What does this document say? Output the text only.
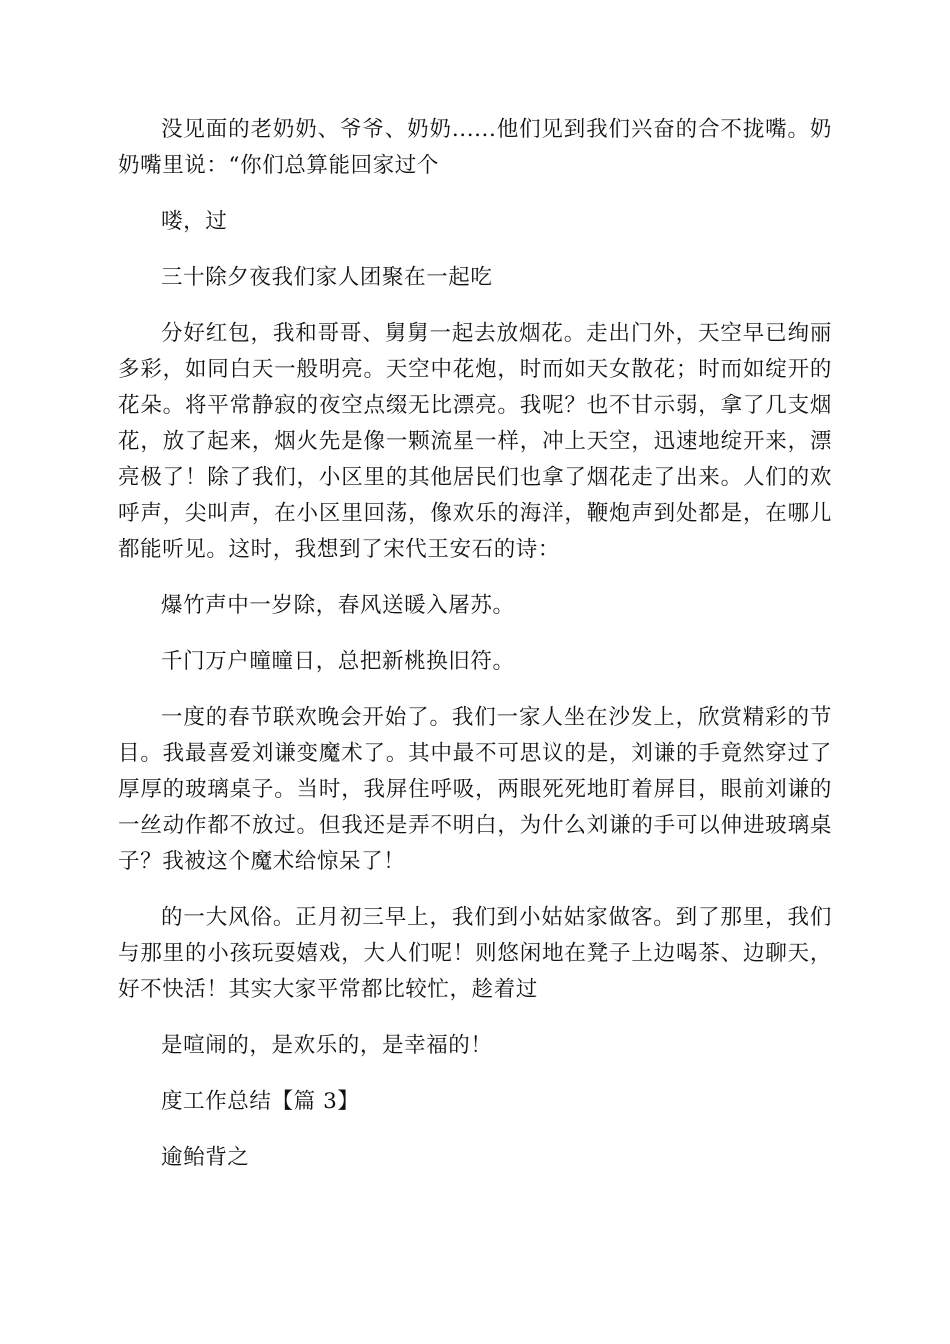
没见面的老奶奶、爷爷、奶奶......他们见到我们兴奋的合不拢嘴。奶奶嘴里说：“你们总算能回家过个

喽，过

三十除夕夜我们家人团聚在一起吃

分好红包，我和哥哥、舅舅一起去放烟花。走出门外，天空早已绚丽多彩，如同白天一般明亮。天空中花炮，时而如天女散花；时而如绽开的花朵。将平常静寂的夜空点缀无比漂亮。我呢？也不甘示弱，拿了几支烟花，放了起来，烟火先是像一颗流星一样，冲上天空，迅速地绽开来，漂亮极了！除了我们，小区里的其他居民们也拿了烟花走了出来。人们的欢呼声，尖叫声，在小区里回荡，像欢乐的海洋，鞭炮声到处都是，在哪儿都能听见。这时，我想到了宋代王安石的诗：

爆竹声中一岁除，春风送暖入屠苏。

千门万户曈曈日，总把新桃换旧符。

一度的春节联欢晚会开始了。我们一家人坐在沙发上，欣赏精彩的节目。我最喜爱刘谦变魔术了。其中最不可思议的是，刘谦的手竟然穿过了厚厚的玻璃桌子。当时，我屏住呼吸，两眼死死地盯着屏目，眼前刘谦的一丝动作都不放过。但我还是弄不明白，为什么刘谦的手可以伸进玻璃桌子？我被这个魔术给惊呆了！

的一大风俗。正月初三早上，我们到小姑姑家做客。到了那里，我们与那里的小孩玩耍嬉戏，大人们呢！则悠闲地在凳子上边喝茶、边聊天，好不快活！其实大家平常都比较忙，趁着过

是喧闹的，是欢乐的，是幸福的！

度工作总结【篇 3】

逾鲐背之
